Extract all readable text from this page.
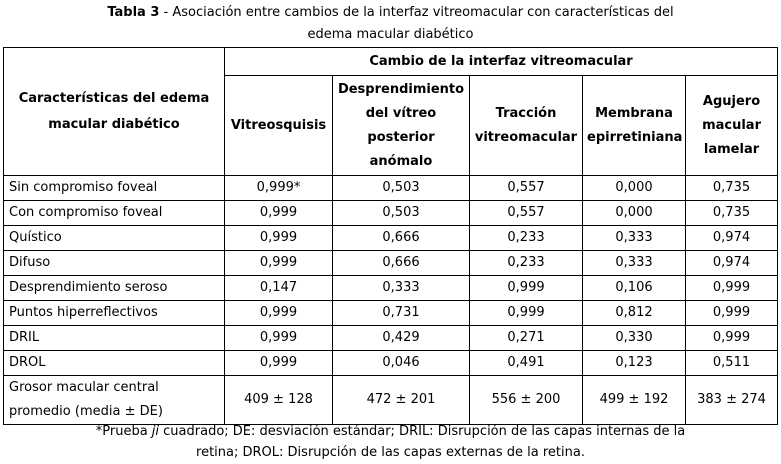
Tabla 3 - Asociación entre cambios de la interfaz vitreomacular con características del
edema macular diabético
Características del edema macular diabético	Cambio de la interfaz vitreomacular				
	Vitreosquisis	Desprendimiento del vítreo posterior anómalo	Tracción vitreomacular	Membrana epirretiniana	Agujero macular lamelar
Sin compromiso foveal	0,999*	0,503	0,557	0,000	0,735
Con compromiso foveal	0,999	0,503	0,557	0,000	0,735
Quístico	0,999	0,666	0,233	0,333	0,974
Difuso	0,999	0,666	0,233	0,333	0,974
Desprendimiento seroso	0,147	0,333	0,999	0,106	0,999
Puntos hiperreflectivos	0,999	0,731	0,999	0,812	0,999
DRIL	0,999	0,429	0,271	0,330	0,999
DROL	0,999	0,046	0,491	0,123	0,511
Grosor macular central promedio (media ± DE)	409 ± 128	472 ± 201	556 ± 200	499 ± 192	383 ± 274
*Prueba ji cuadrado; DE: desviación estándar; DRIL: Disrupción de las capas internas de la
retina; DROL: Disrupción de las capas externas de la retina.
